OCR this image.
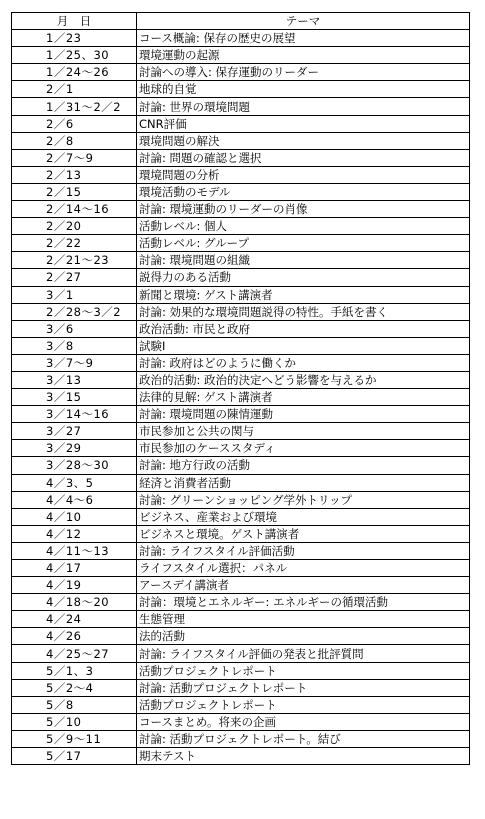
月　日	テーマ
1／23	コース概論: 保存の歴史の展望
1／25、30	環境運動の起源
1／24～26	討論への導入: 保存運動のリーダー
2／1	地球的自覚
1／31～2／2	討論: 世界の環境問題
2／6	CNR評価
2／8	環境問題の解決
2／7～9	討論: 問題の確認と選択
2／13	環境問題の分析
2／15	環境活動のモデル
2／14～16	討論: 環境運動のリーダーの肖像
2／20	活動レベル: 個人
2／22	活動レベル: グループ
2／21～23	討論: 環境問題の組織
2／27	説得力のある活動
3／1	新聞と環境: ゲスト講演者
2／28～3／2	討論: 効果的な環境問題説得の特性。手紙を書く
3／6	政治活動: 市民と政府
3／8	試験Ⅰ
3／7～9	討論: 政府はどのように働くか
3／13	政治的活動: 政治的決定へどう影響を与えるか
3／15	法律的見解: ゲスト講演者
3／14～16	討論: 環境問題の陳情運動
3／27	市民参加と公共の関与
3／29	市民参加のケーススタディ
3／28～30	討論: 地方行政の活動
4／3、5	経済と消費者活動
4／4～6	討論: グリーンショッピング学外トリップ
4／10	ビジネス、産業および環境
4／12	ビジネスと環境。ゲスト講演者
4／11～13	討論: ライフスタイル評価活動
4／17	ライフスタイル選択：パネル
4／19	アースデイ講演者
4／18～20	討論：環境とエネルギー: エネルギーの循環活動
4／24	生態管理
4／26	法的活動
4／25～27	討論: ライフスタイル評価の発表と批評質問
5／1、3	活動プロジェクトレポート
5／2～4	討論: 活動プロジェクトレポート
5／8	活動プロジェクトレポート
5／10	コースまとめ。将来の企画
5／9～11	討論: 活動プロジェクトレポート。結び
5／17	期末テスト
